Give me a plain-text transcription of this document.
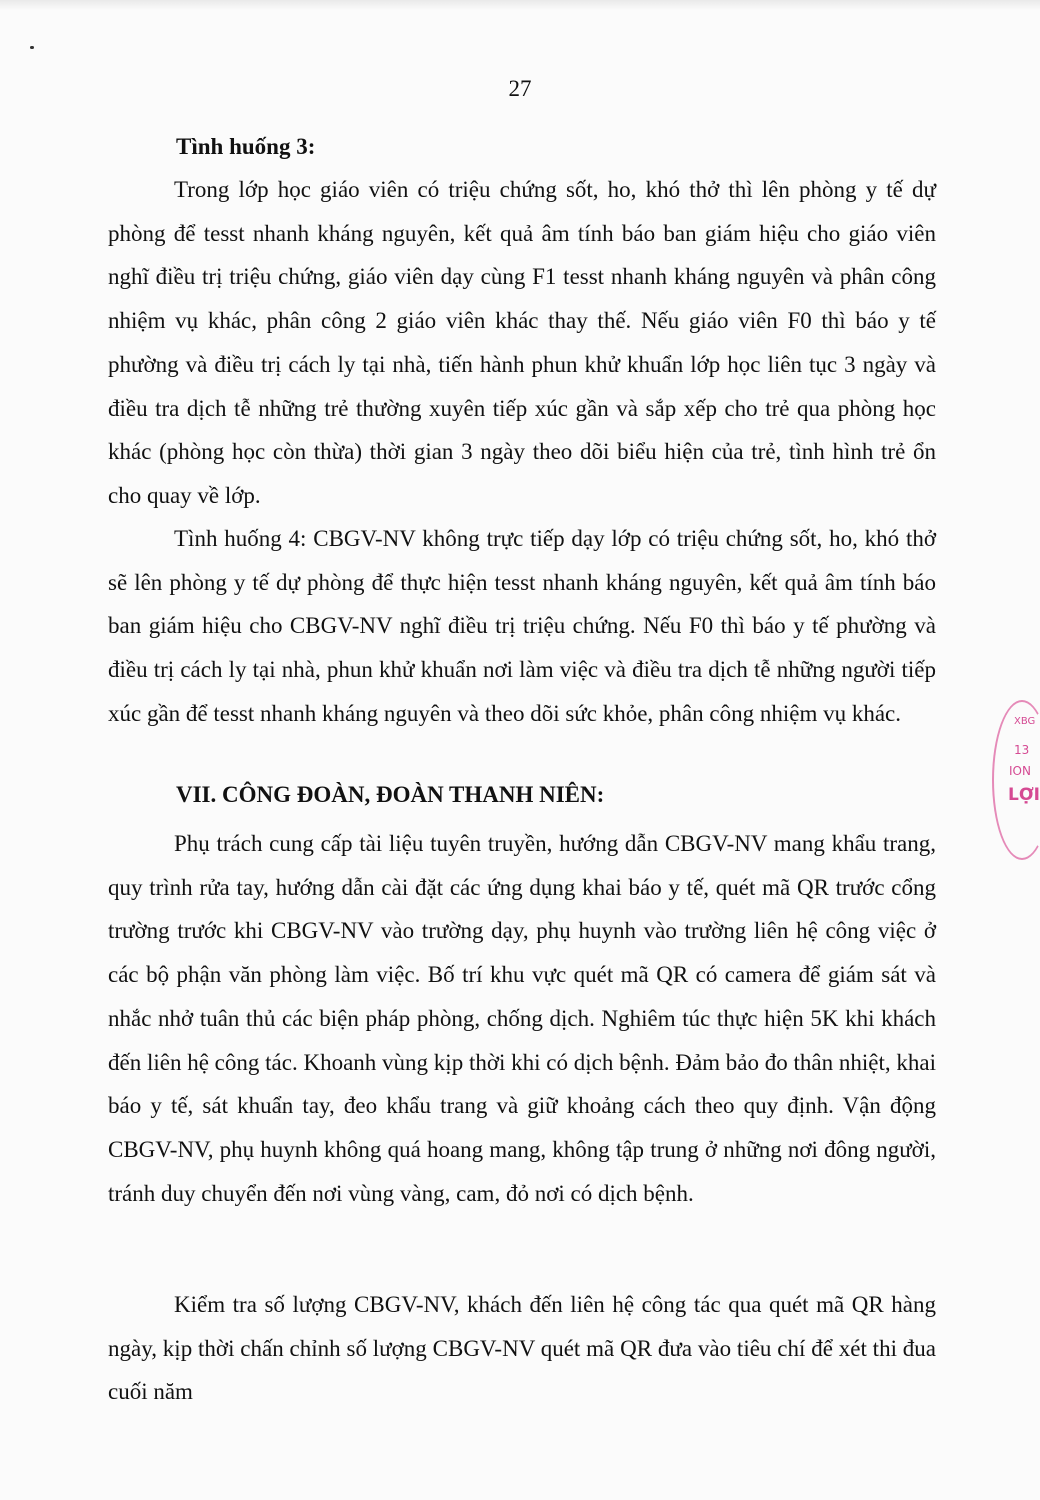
27

Tình huống 3:

Trong lớp học giáo viên có triệu chứng sốt, ho, khó thở thì lên phòng y tế dự phòng để tesst nhanh kháng nguyên, kết quả âm tính báo ban giám hiệu cho giáo viên nghĩ điều trị triệu chứng, giáo viên dạy cùng F1 tesst nhanh kháng nguyên và phân công nhiệm vụ khác, phân công 2 giáo viên khác thay thế. Nếu giáo viên F0 thì báo y tế phường và điều trị cách ly tại nhà, tiến hành phun khử khuẩn lớp học liên tục 3 ngày và điều tra dịch tễ những trẻ thường xuyên tiếp xúc gần và sắp xếp cho trẻ qua phòng học khác (phòng học còn thừa) thời gian 3 ngày theo dõi biểu hiện của trẻ, tình hình trẻ ổn cho quay về lớp.

Tình huống 4: CBGV-NV không trực tiếp dạy lớp có triệu chứng sốt, ho, khó thở sẽ lên phòng y tế dự phòng để thực hiện tesst nhanh kháng nguyên, kết quả âm tính báo ban giám hiệu cho CBGV-NV nghĩ điều trị triệu chứng. Nếu F0 thì báo y tế phường và điều trị cách ly tại nhà, phun khử khuẩn nơi làm việc và điều tra dịch tễ những người tiếp xúc gần để tesst nhanh kháng nguyên và theo dõi sức khỏe, phân công nhiệm vụ khác.

VII. CÔNG ĐOÀN, ĐOÀN THANH NIÊN:

Phụ trách cung cấp tài liệu tuyên truyền, hướng dẫn CBGV-NV mang khẩu trang, quy trình rửa tay, hướng dẫn cài đặt các ứng dụng khai báo y tế, quét mã QR trước cổng trường trước khi CBGV-NV vào trường dạy, phụ huynh vào trường liên hệ công việc ở các bộ phận văn phòng làm việc. Bố trí khu vực quét mã QR có camera để giám sát và nhắc nhở tuân thủ các biện pháp phòng, chống dịch. Nghiêm túc thực hiện 5K khi khách đến liên hệ công tác. Khoanh vùng kịp thời khi có dịch bệnh. Đảm bảo đo thân nhiệt, khai báo y tế, sát khuẩn tay, đeo khẩu trang và giữ khoảng cách theo quy định. Vận động CBGV-NV, phụ huynh không quá hoang mang, không tập trung ở những nơi đông người, tránh duy chuyển đến nơi vùng vàng, cam, đỏ nơi có dịch bệnh.

Kiểm tra số lượng CBGV-NV, khách đến liên hệ công tác qua quét mã QR hàng ngày, kịp thời chấn chỉnh số lượng CBGV-NV quét mã QR đưa vào tiêu chí để xét thi đua cuối năm

XBG
13
ION
LỢI
